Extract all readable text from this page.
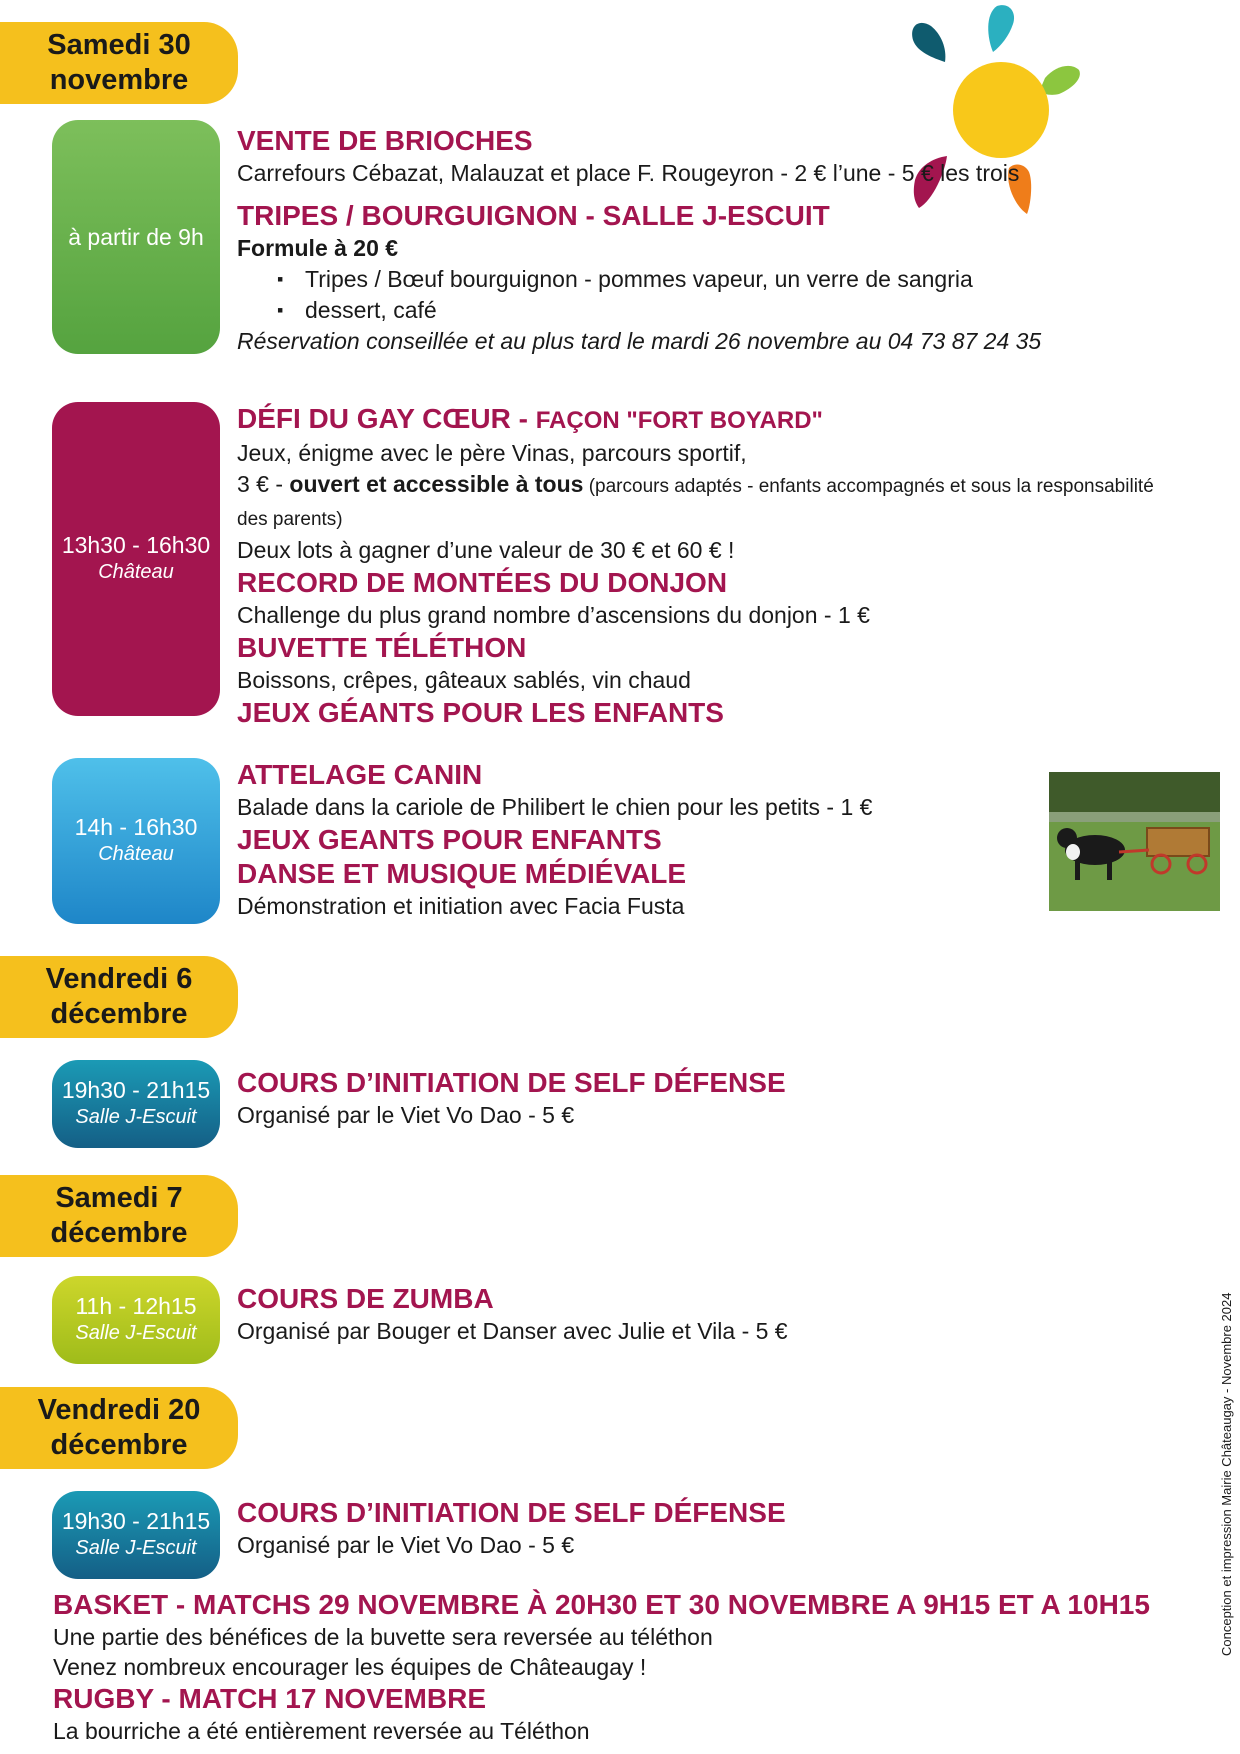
Samedi 30
novembre
Vendredi 6
décembre
Samedi 7
décembre
Vendredi 20
décembre
à partir de 9h
13h30 - 16h30
Château
14h - 16h30
Château
19h30 - 21h15
Salle J-Escuit
11h - 12h15
Salle J-Escuit
19h30 - 21h15
Salle J-Escuit
VENTE DE BRIOCHES
Carrefours Cébazat, Malauzat et place F. Rougeyron - 2 € l’une - 5 € les trois
TRIPES / BOURGUIGNON - SALLE J-ESCUIT
Formule à 20 €
▪ Tripes / Bœuf bourguignon - pommes vapeur, un verre de sangria
▪ dessert, café
Réservation conseillée et au plus tard le mardi 26 novembre au 04 73 87 24 35
DÉFI DU GAY CŒUR - FAÇON "FORT BOYARD"
Jeux, énigme avec le père Vinas, parcours sportif,
3 € - ouvert et accessible à tous (parcours adaptés - enfants accompagnés et sous la responsabilité des parents)
Deux lots à gagner d’une valeur de 30 € et 60 € !
RECORD DE MONTÉES DU DONJON
Challenge du plus grand nombre d’ascensions du donjon - 1 €
BUVETTE TÉLÉTHON
Boissons, crêpes, gâteaux sablés, vin chaud
JEUX GÉANTS POUR LES ENFANTS
ATTELAGE CANIN
Balade dans la cariole de Philibert le chien pour les petits - 1 €
JEUX GEANTS POUR ENFANTS
DANSE ET MUSIQUE MÉDIÉVALE
Démonstration et initiation avec Facia Fusta
COURS D’INITIATION DE SELF DÉFENSE
Organisé par le Viet Vo Dao - 5 €
COURS DE ZUMBA
Organisé par Bouger et Danser avec Julie et Vila - 5 €
COURS D’INITIATION DE SELF DÉFENSE
Organisé par le Viet Vo Dao - 5 €
BASKET - MATCHS 29 NOVEMBRE À 20H30 ET 30 NOVEMBRE A 9H15 ET A 10H15
Une partie des bénéfices de la buvette sera reversée au téléthon
Venez nombreux encourager les équipes de Châteaugay !
RUGBY - MATCH 17 NOVEMBRE
La bourriche a été entièrement reversée au Téléthon
Conception et impression Mairie Châteaugay - Novembre 2024
